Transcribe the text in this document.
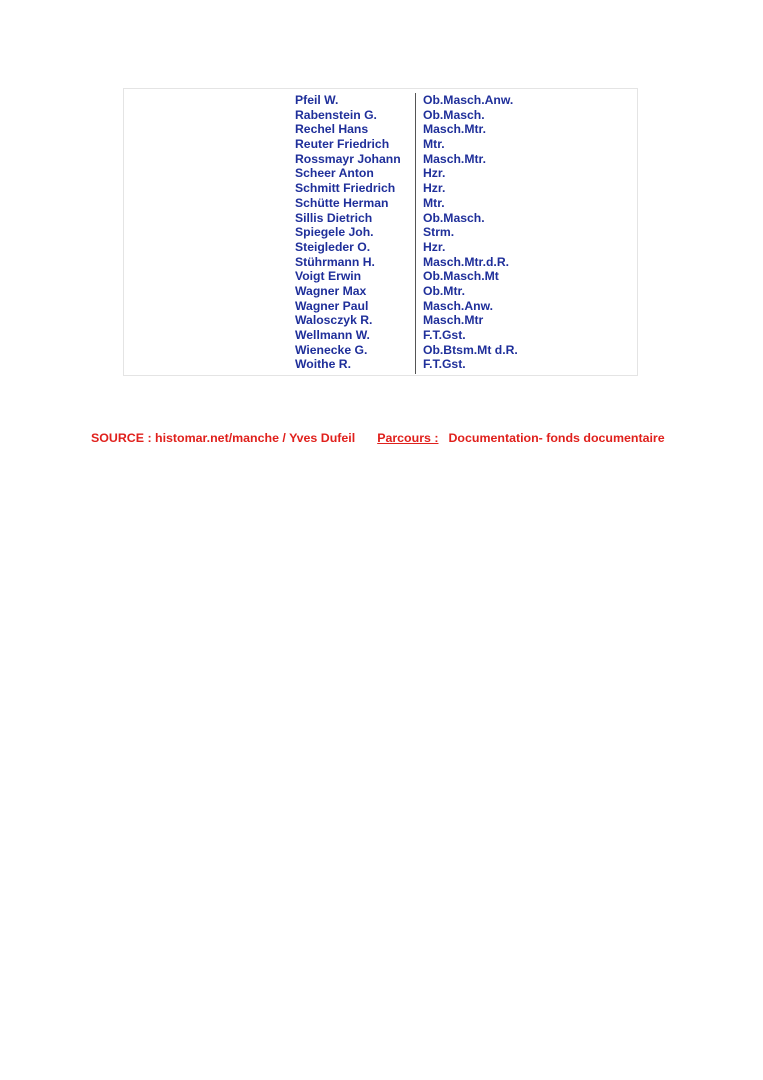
Pfeil W.	Ob.Masch.Anw.
Rabenstein G.	Ob.Masch.
Rechel Hans	Masch.Mtr.
Reuter Friedrich	Mtr.
Rossmayr Johann	Masch.Mtr.
Scheer Anton	Hzr.
Schmitt Friedrich	Hzr.
Schütte Herman	Mtr.
Sillis Dietrich	Ob.Masch.
Spiegele Joh.	Strm.
Steigleder O.	Hzr.
Stührmann H.	Masch.Mtr.d.R.
Voigt Erwin	Ob.Masch.Mt
Wagner Max	Ob.Mtr.
Wagner Paul	Masch.Anw.
Walosczyk R.	Masch.Mtr
Wellmann W.	F.T.Gst.
Wienecke G.	Ob.Btsm.Mt d.R.
Woithe R.	F.T.Gst.
SOURCE : histomar.net/manche / Yves Dufeil Parcours : Documentation- fonds documentaire
